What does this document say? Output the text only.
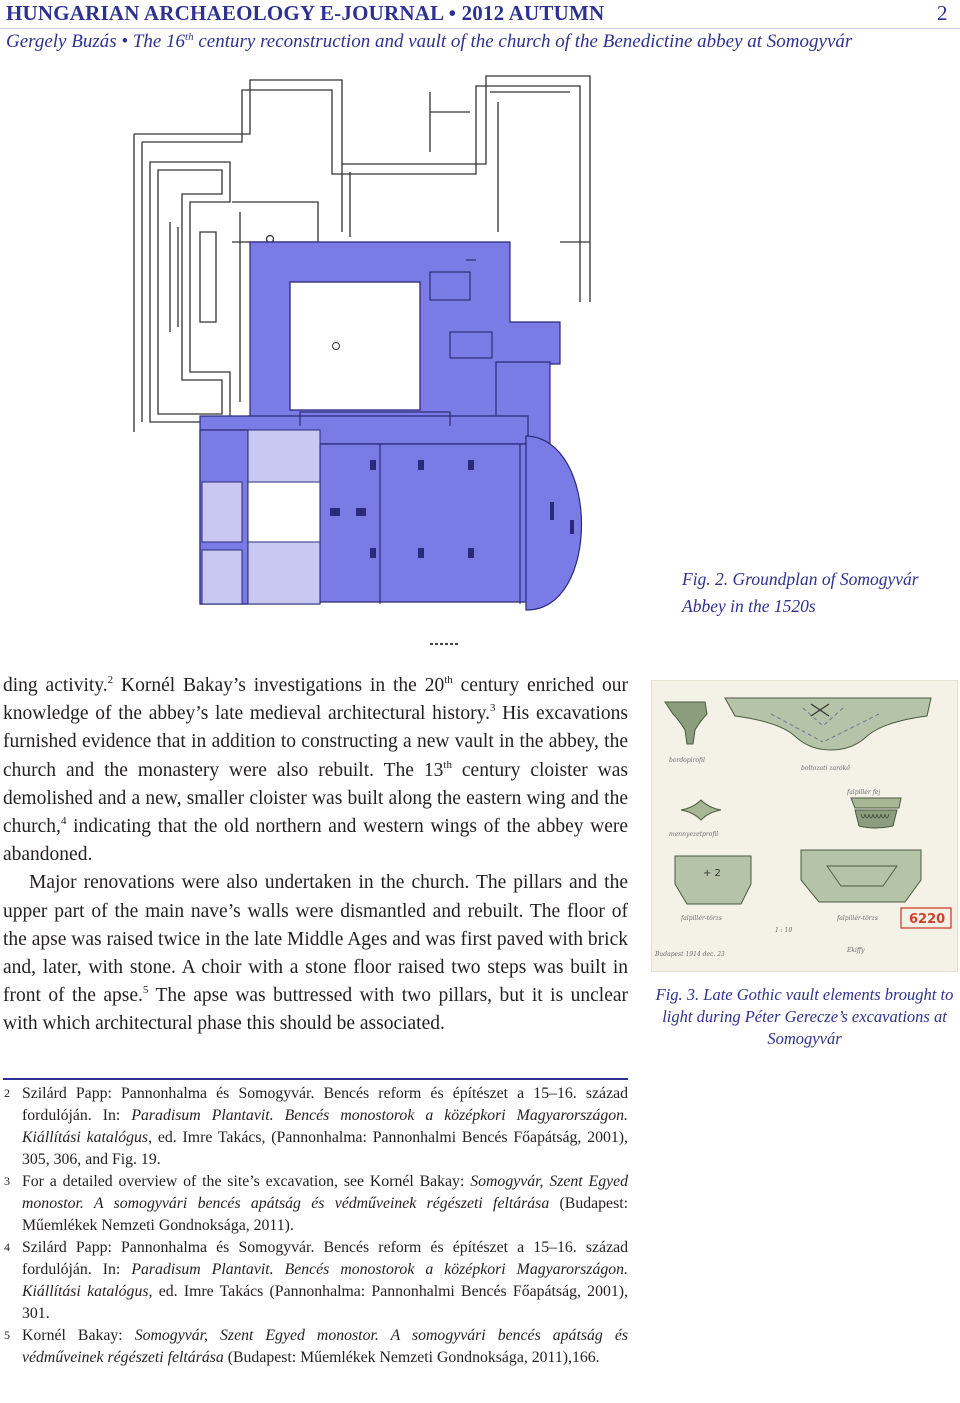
HUNGARIAN ARCHAEOLOGY E-JOURNAL • 2012 AUTUMN	2
Gergely Buzás • The 16th century reconstruction and vault of the church of the Benedictine abbey at Somogyvár
Fig. 2. Groundplan of Somogyvár Abbey in the 1520s
+ 2
bordopirofil
boltozati zarókő
mennyezetprofil
falpillér fej
falpillér-törzs	falpillér-törzs
Budapest 1914 dec. 23
1 : 10
Ekiffy
6220
Fig. 3. Late Gothic vault elements brought to light during Péter Gerecze’s excavations at Somogyvár

ding activity.$^2$ Kornél Bakay’s investigations in the 20th century enriched our knowledge of the abbey’s late medieval architectural history.$^3$ His excavations furnished evidence that in addition to constructing a new vault in the abbey, the church and the monastery were also rebuilt. The 13th century cloister was demolished and a new, smaller cloister was built along the eastern wing and the church,$^4$ indicating that the old northern and western wings of the abbey were abandoned.

Major renovations were also undertaken in the church. The pillars and the upper part of the main nave’s walls were dismantled and rebuilt. The floor of the apse was raised twice in the late Middle Ages and was first paved with brick and, later, with stone. A choir with a stone floor raised two steps was built in front of the apse.$^5$ The apse was buttressed with two pillars, but it is unclear with which architectural phase this should be associated.

2 Szilárd Papp: Pannonhalma és Somogyvár. Bencés reform és építészet a 15–16. század fordulóján. In: Paradisum Plantavit. Bencés monostorok a középkori Magyarországon. Kiállítási katalógus, ed. Imre Takács, (Pannonhalma: Pannonhalmi Bencés Főapátság, 2001), 305, 306, and Fig. 19.
3 For a detailed overview of the site’s excavation, see Kornél Bakay: Somogyvár, Szent Egyed monostor. A somogyvári bencés apátság és védműveinek régészeti feltárása (Budapest: Műemlékek Nemzeti Gondnoksága, 2011).
4 Szilárd Papp: Pannonhalma és Somogyvár. Bencés reform és építészet a 15–16. század fordulóján. In: Paradisum Plantavit. Bencés monostorok a középkori Magyarországon. Kiállítási katalógus, ed. Imre Takács (Pannonhalma: Pannonhalmi Bencés Főapátság, 2001), 301.
5 Kornél Bakay: Somogyvár, Szent Egyed monostor. A somogyvári bencés apátság és védműveinek régészeti feltárása (Budapest: Műemlékek Nemzeti Gondnoksága, 2011),166.
